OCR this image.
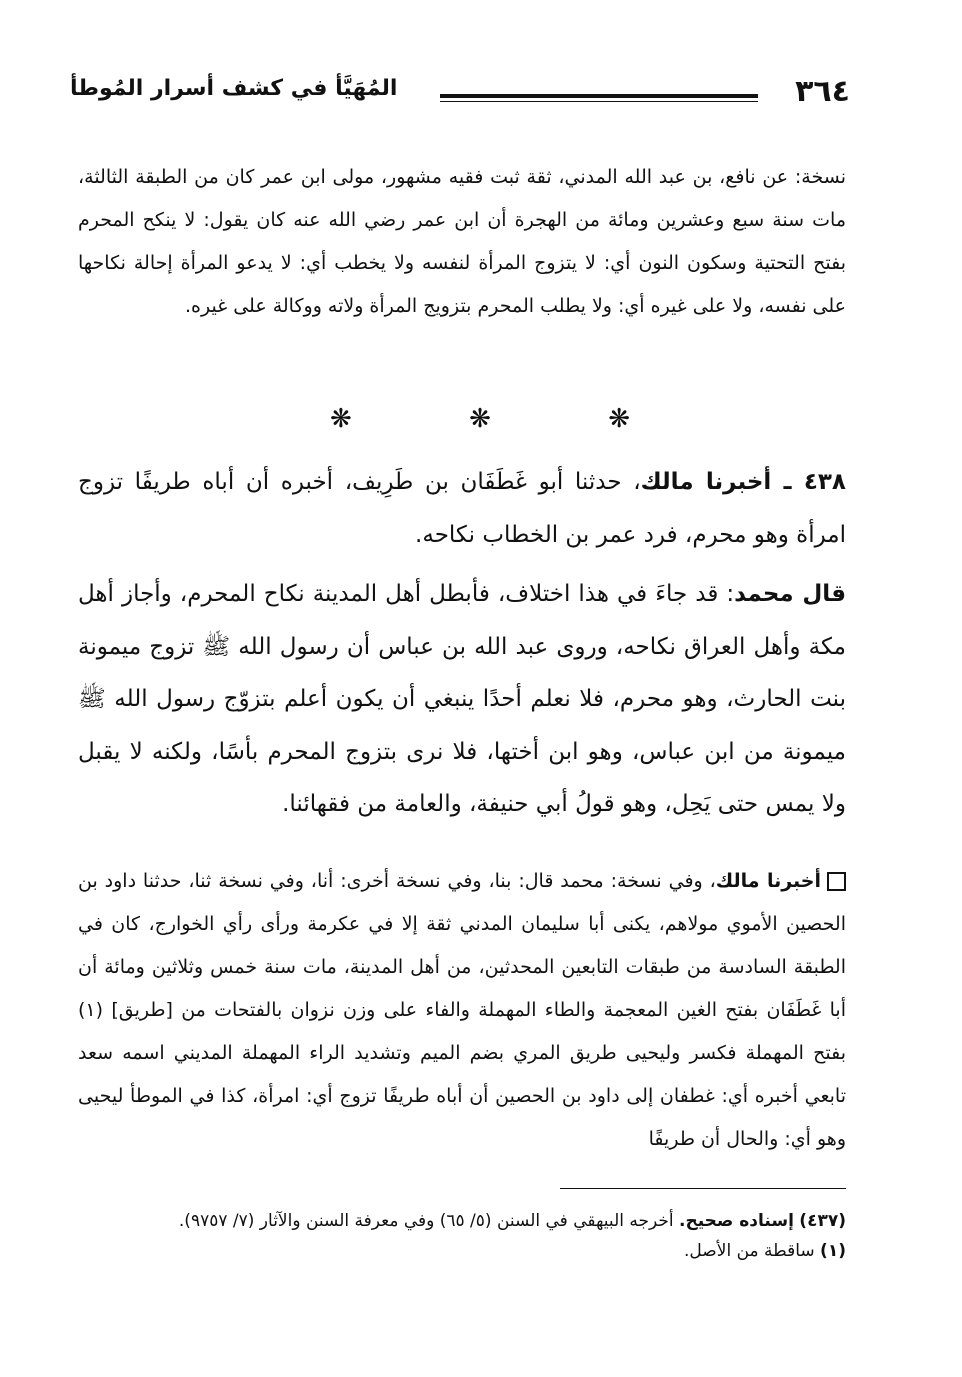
٣٦٤
المُهَيَّأ في كشف أسرار المُوطأ
نسخة: عن نافع، بن عبد الله المدني، ثقة ثبت فقيه مشهور، مولى ابن عمر كان من الطبقة الثالثة، مات سنة سبع وعشرين ومائة من الهجرة أن ابن عمر رضي الله عنه كان يقول: لا ينكح المحرم بفتح التحتية وسكون النون أي: لا يتزوج المرأة لنفسه ولا يخطب أي: لا يدعو المرأة إحالة نكاحها على نفسه، ولا على غيره أي: ولا يطلب المحرم بتزويج المرأة ولاته ووكالة على غيره.
❋	❋	❋
٤٣٨ ـ أخبرنا مالك، حدثنا أبو غَطَفَان بن طَرِيف، أخبره أن أباه طريفًا تزوج امرأة وهو محرم، فرد عمر بن الخطاب نكاحه.
قال محمد: قد جاءَ في هذا اختلاف، فأبطل أهل المدينة نكاح المحرم، وأجاز أهل مكة وأهل العراق نكاحه، وروى عبد الله بن عباس أن رسول الله ﷺ تزوج ميمونة بنت الحارث، وهو محرم، فلا نعلم أحدًا ينبغي أن يكون أعلم بتزوّج رسول الله ﷺ ميمونة من ابن عباس، وهو ابن أختها، فلا نرى بتزوج المحرم بأسًا، ولكنه لا يقبل ولا يمس حتى يَحِل، وهو قولُ أبي حنيفة، والعامة من فقهائنا.
أخبرنا مالك، وفي نسخة: محمد قال: بنا، وفي نسخة أخرى: أنا، وفي نسخة ثنا، حدثنا داود بن الحصين الأموي مولاهم، يكنى أبا سليمان المدني ثقة إلا في عكرمة ورأى رأي الخوارج، كان في الطبقة السادسة من طبقات التابعين المحدثين، من أهل المدينة، مات سنة خمس وثلاثين ومائة أن أبا غَطَفَان بفتح الغين المعجمة والطاء المهملة والفاء على وزن نزوان بالفتحات من [طريق] (١) بفتح المهملة فكسر وليحيى طريق المري بضم الميم وتشديد الراء المهملة المديني اسمه سعد تابعي أخبره أي: غطفان إلى داود بن الحصين أن أباه طريفًا تزوج أي: امرأة، كذا في الموطأ ليحيى وهو أي: والحال أن طريفًا
(٤٣٧) إسناده صحيح. أخرجه البيهقي في السنن (٥/ ٦٥) وفي معرفة السنن والآثار (٧/ ٩٧٥٧).
(١) ساقطة من الأصل.
